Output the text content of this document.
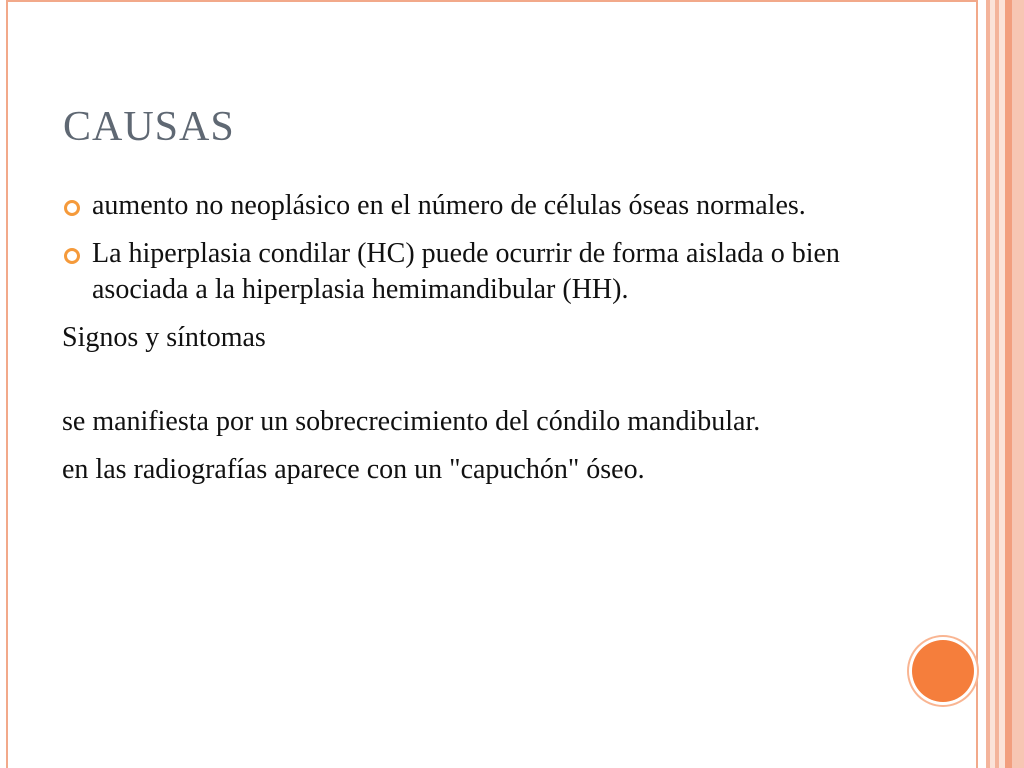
CAUSAS

aumento no neoplásico en el número de células óseas normales.

La hiperplasia condilar (HC) puede ocurrir de forma aislada o bien asociada a la hiperplasia hemimandibular (HH).

Signos y síntomas

se manifiesta por un sobrecrecimiento del cóndilo mandibular.

en las radiografías aparece con un "capuchón" óseo.
